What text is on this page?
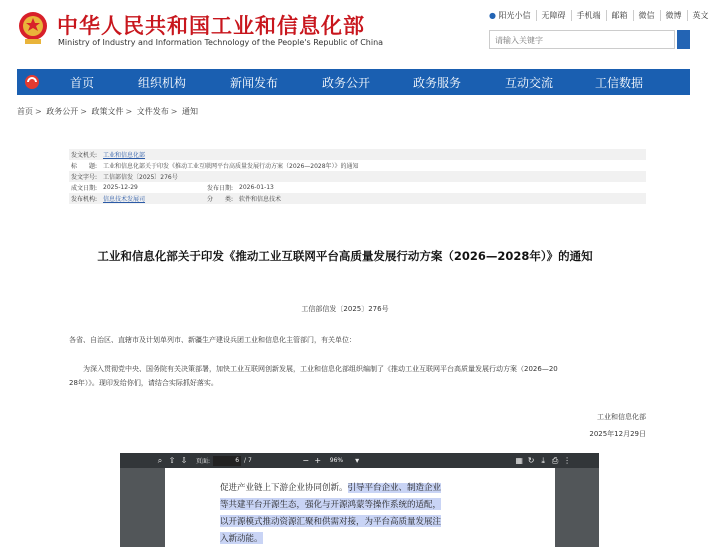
中华人民共和国工业和信息化部
Ministry of Industry and Information Technology of the People's Republic of China
● 阳光小信	无障碍	手机端	邮箱	微信	微博	英文
请输入关键字
首页	组织机构	新闻发布	政务公开	政务服务	互动交流	工信数据
首页 > 政务公开 > 政策文件 > 文件发布 > 通知
发文机关: 工业和信息化部
标　　题: 工业和信息化部关于印发《推动工业互联网平台高质量发展行动方案（2026—2028年）》的通知
发文字号: 工信部信发〔2025〕276号
成文日期: 2025-12-29	发布日期: 2026-01-13
发布机构: 信息技术发展司	分　　类: 软件和信息技术
工业和信息化部关于印发《推动工业互联网平台高质量发展行动方案（2026—2028年）》的通知
工信部信发〔2025〕276号
各省、自治区、直辖市及计划单列市、新疆生产建设兵团工业和信息化主管部门，有关单位：

为深入贯彻党中央、国务院有关决策部署，加快工业互联网创新发展，工业和信息化部组织编制了《推动工业互联网平台高质量发展行动方案（2026—20

28年）》。现印发给你们，请结合实际抓好落实。
工业和信息化部
2025年12月29日
⌕ ⇧ ⇩	页面:	6 / 7	− +	96%	▾	▦ ↻ ⤓ ⎙ ⋮
促进产业链上下游企业协同创新。引导平台企业、制造企业
等共建平台开源生态，强化与开源鸿蒙等操作系统的适配，
以开源模式推动资源汇聚和供需对接，为平台高质量发展注
入新动能。
